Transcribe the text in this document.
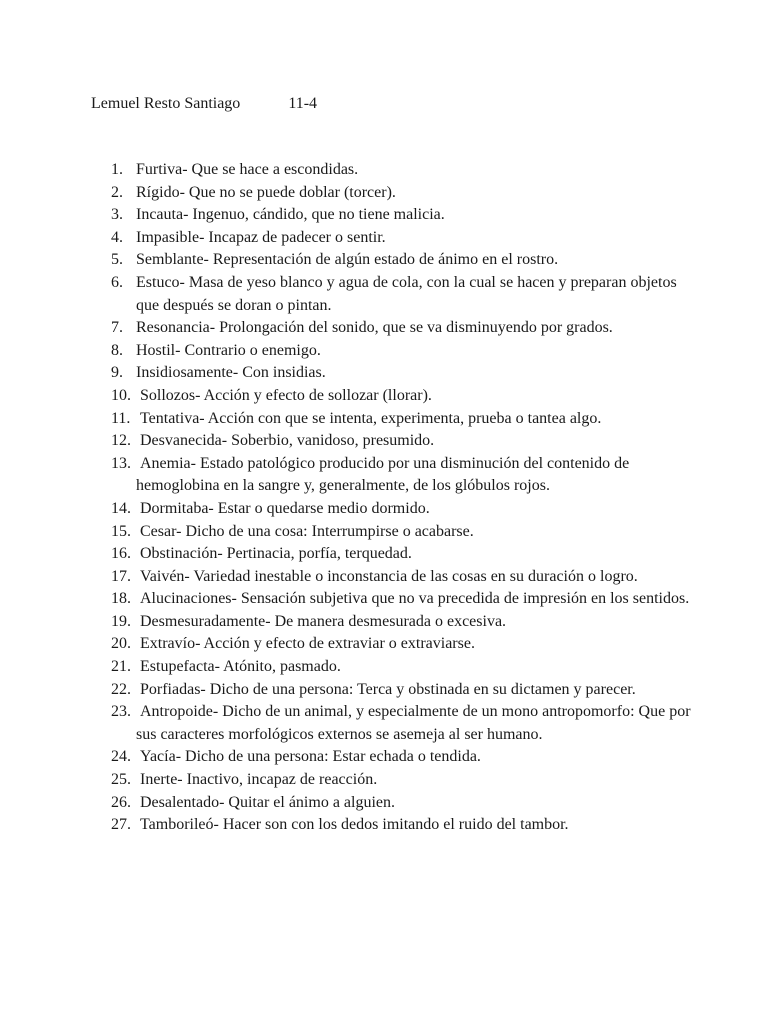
Lemuel Resto Santiago	11-4
1. Furtiva- Que se hace a escondidas.
2. Rígido- Que no se puede doblar (torcer).
3. Incauta- Ingenuo, cándido, que no tiene malicia.
4. Impasible- Incapaz de padecer o sentir.
5. Semblante- Representación de algún estado de ánimo en el rostro.
6. Estuco- Masa de yeso blanco y agua de cola, con la cual se hacen y preparan objetos que después se doran o pintan.
7. Resonancia- Prolongación del sonido, que se va disminuyendo por grados.
8. Hostil- Contrario o enemigo.
9. Insidiosamente- Con insidias.
10. Sollozos- Acción y efecto de sollozar (llorar).
11. Tentativa- Acción con que se intenta, experimenta, prueba o tantea algo.
12. Desvanecida- Soberbio, vanidoso, presumido.
13. Anemia- Estado patológico producido por una disminución del contenido de hemoglobina en la sangre y, generalmente, de los glóbulos rojos.
14. Dormitaba- Estar o quedarse medio dormido.
15. Cesar- Dicho de una cosa: Interrumpirse o acabarse.
16. Obstinación- Pertinacia, porfía, terquedad.
17. Vaivén- Variedad inestable o inconstancia de las cosas en su duración o logro.
18. Alucinaciones- Sensación subjetiva que no va precedida de impresión en los sentidos.
19. Desmesuradamente- De manera desmesurada o excesiva.
20. Extravío- Acción y efecto de extraviar o extraviarse.
21. Estupefacta- Atónito, pasmado.
22. Porfiadas- Dicho de una persona: Terca y obstinada en su dictamen y parecer.
23. Antropoide- Dicho de un animal, y especialmente de un mono antropomorfo: Que por sus caracteres morfológicos externos se asemeja al ser humano.
24. Yacía- Dicho de una persona: Estar echada o tendida.
25. Inerte- Inactivo, incapaz de reacción.
26. Desalentado- Quitar el ánimo a alguien.
27. Tamborileó- Hacer son con los dedos imitando el ruido del tambor.
